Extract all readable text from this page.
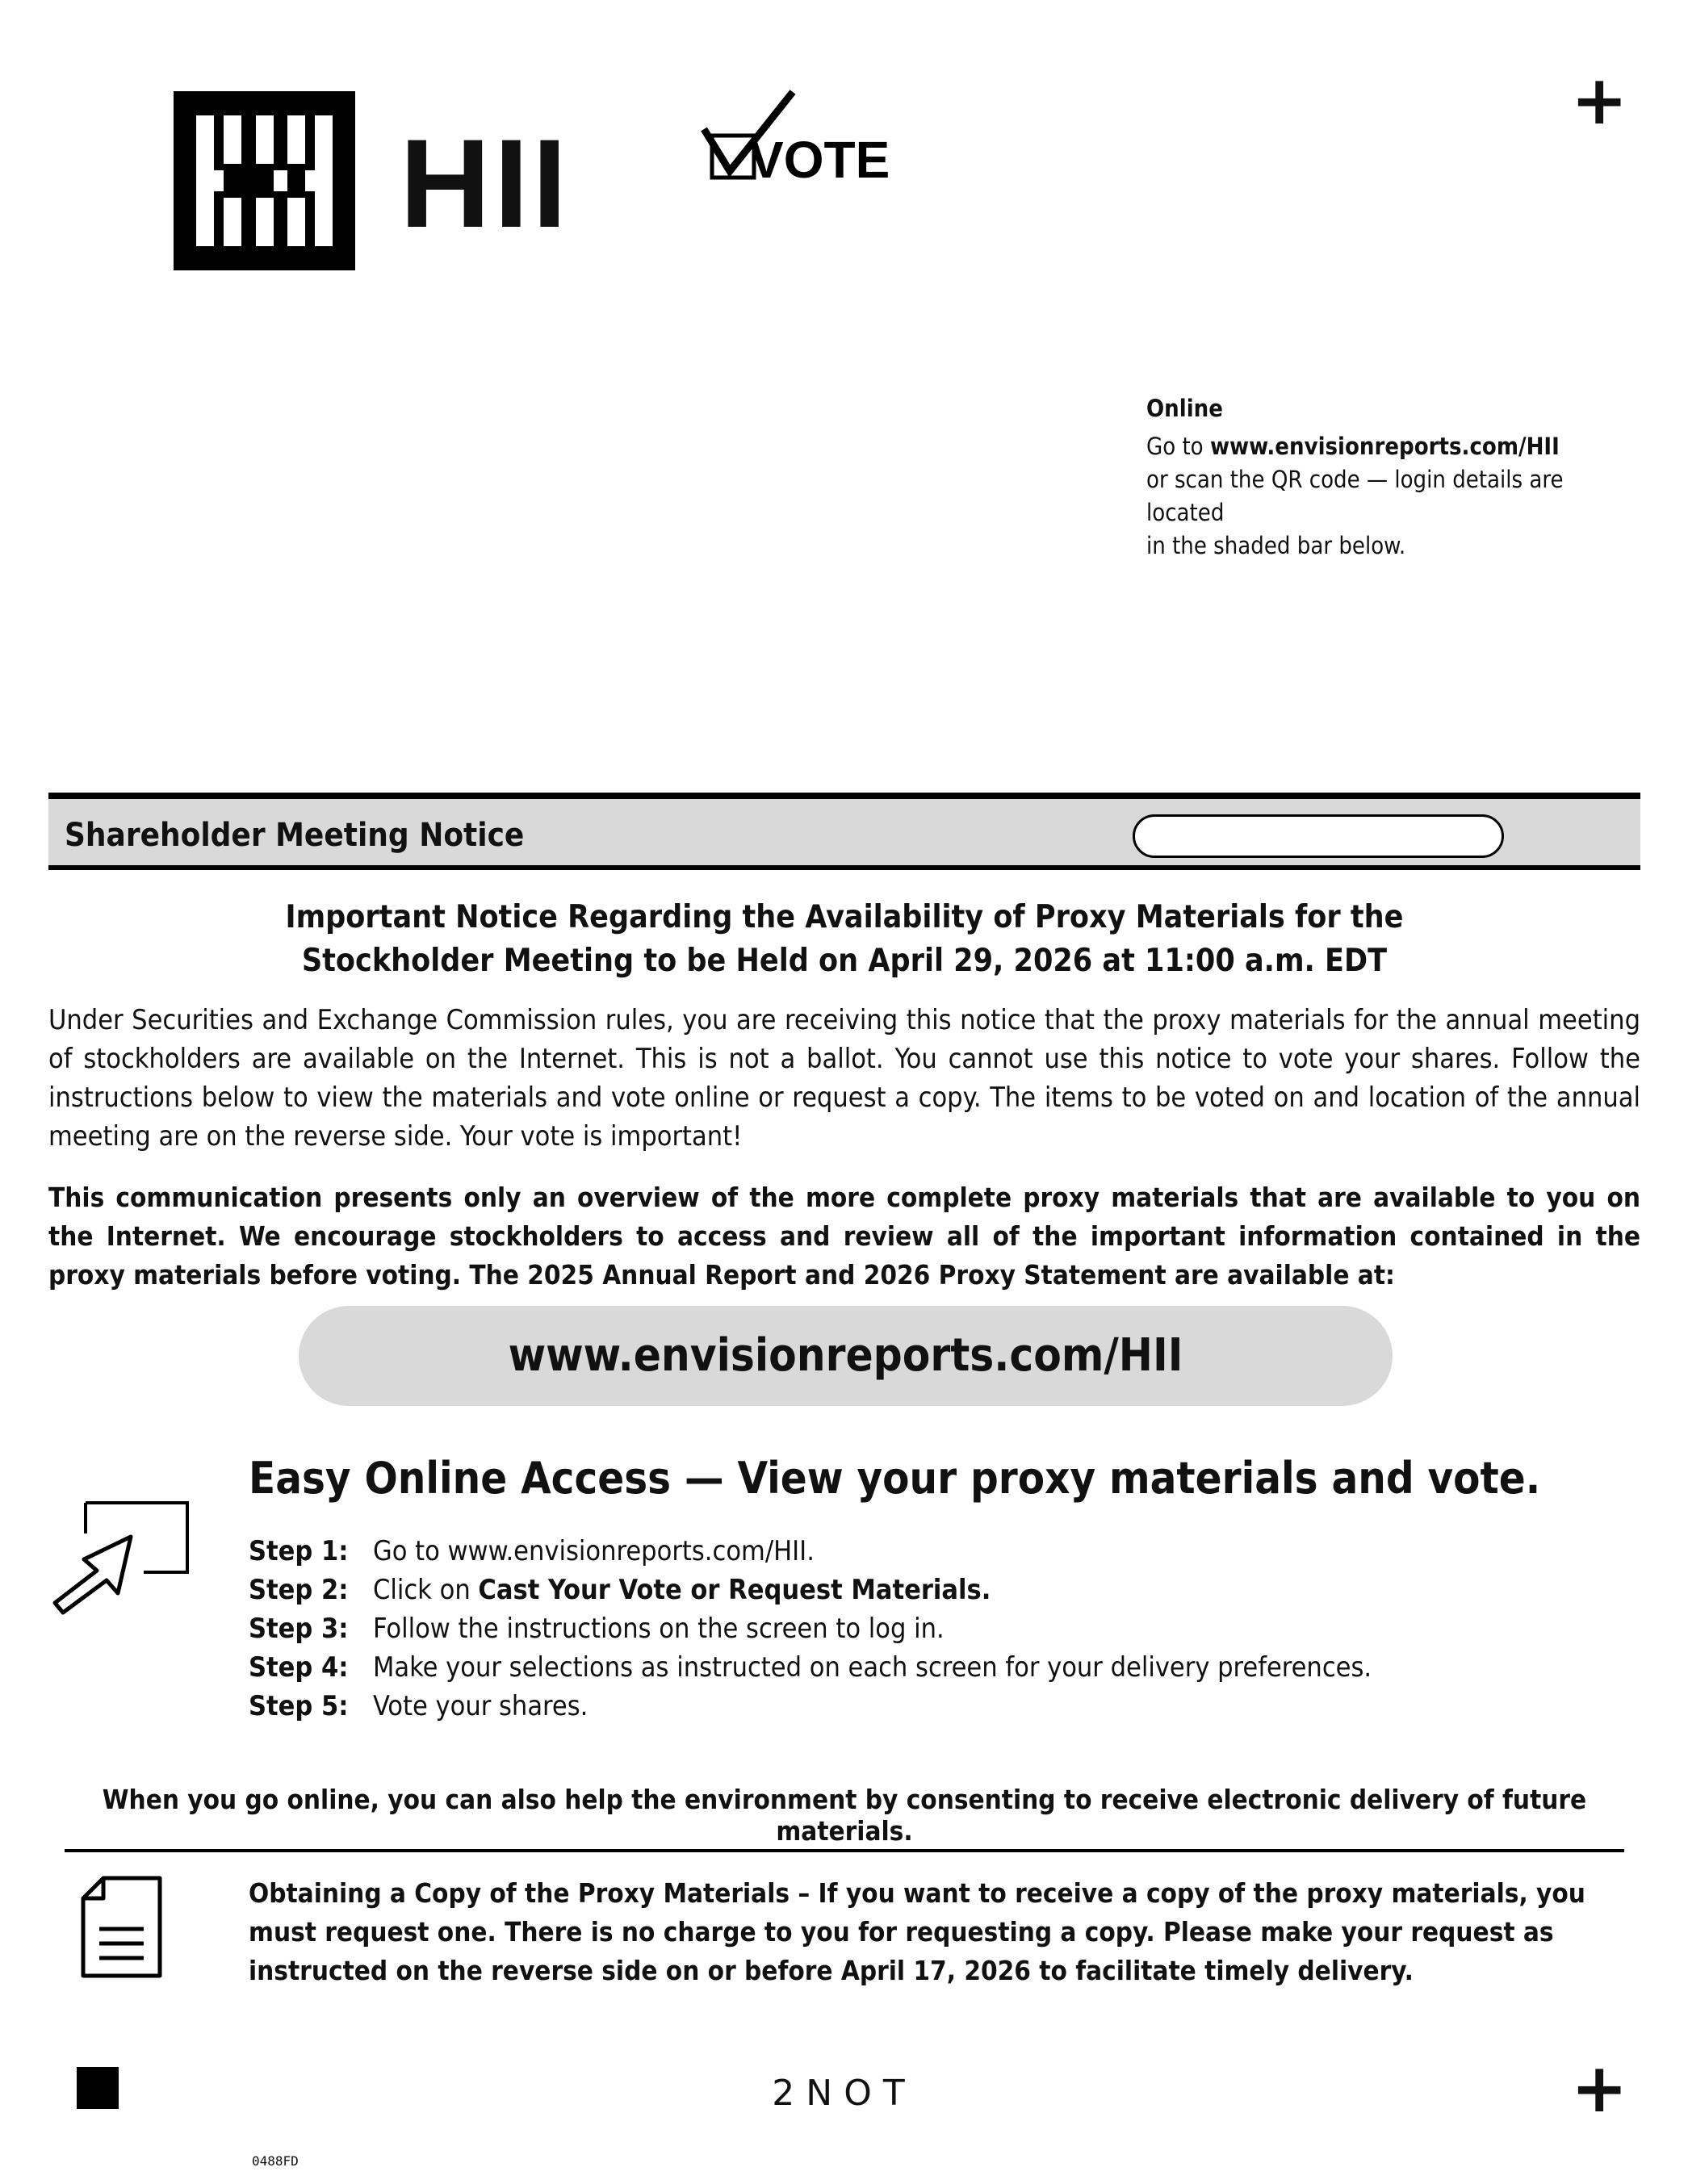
+
+
HII	VOTE
Online
Go to www.envisionreports.com/HII
or scan the QR code — login details are located
in the shaded bar below.
Shareholder Meeting Notice
Important Notice Regarding the Availability of Proxy Materials for the
Stockholder Meeting to be Held on April 29, 2026 at 11:00 a.m. EDT
Under Securities and Exchange Commission rules, you are receiving this notice that the proxy materials for the annual meeting of stockholders are available on the Internet. This is not a ballot. You cannot use this notice to vote your shares. Follow the instructions below to view the materials and vote online or request a copy. The items to be voted on and location of the annual meeting are on the reverse side. Your vote is important!
This communication presents only an overview of the more complete proxy materials that are available to you on the Internet. We encourage stockholders to access and review all of the important information contained in the proxy materials before voting. The 2025 Annual Report and 2026 Proxy Statement are available at:
www.envisionreports.com/HII
Easy Online Access — View your proxy materials and vote.
Step 1: Go to www.envisionreports.com/HII.
Step 2: Click on Cast Your Vote or Request Materials.
Step 3: Follow the instructions on the screen to log in.
Step 4: Make your selections as instructed on each screen for your delivery preferences.
Step 5: Vote your shares.
When you go online, you can also help the environment by consenting to receive electronic delivery of future materials.
Obtaining a Copy of the Proxy Materials – If you want to receive a copy of the proxy materials, you must request one. There is no charge to you for requesting a copy. Please make your request as instructed on the reverse side on or before April 17, 2026 to facilitate timely delivery.
2NOT
0488FD
